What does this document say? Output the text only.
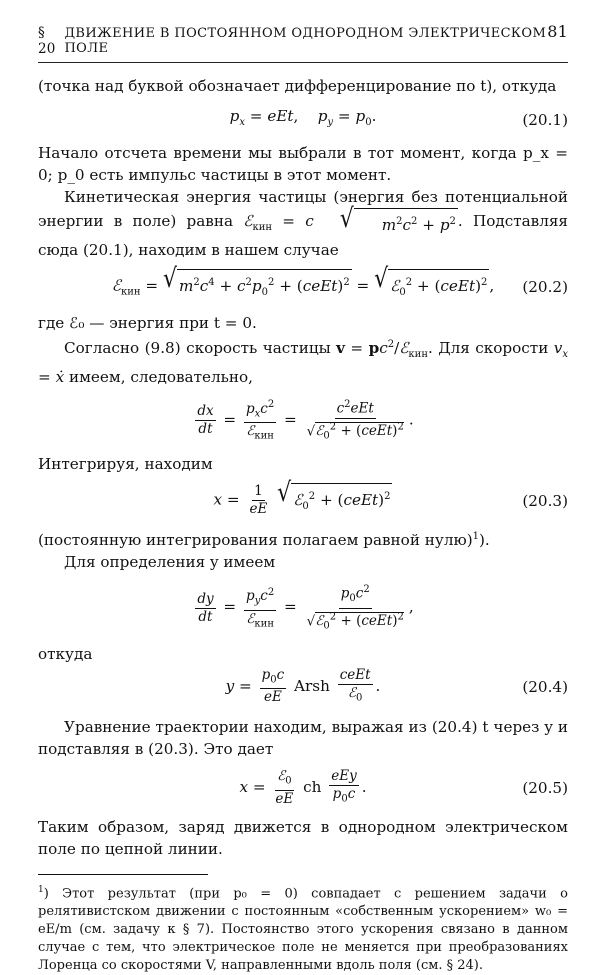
§ 20
ДВИЖЕНИЕ В ПОСТОЯННОМ ОДНОРОДНОМ ЭЛЕКТРИЧЕСКОМ ПОЛЕ
81

(точка над буквой обозначает дифференцирование по t), откуда

$p_x$ = eEt,    $p_y = p_0$.	(20.1)

Начало отсчета времени мы выбрали в тот момент, когда p_x = 0; p_0 есть импульс частицы в этот момент.

Кинетическая энергия частицы (энергия без потенциальной энергии в поле) равна ℰ$_{кин}$ = c	√	$m^2c^2 + p^2$ . Подставляя сюда (20.1), находим в нашем случае

ℰ$_{кин}$ = √ $m^2c^4 + c^2p_0^2$ + (ceEt)$^2$ = √ ℰ$_0^2$ + (ceEt)$^2$ , (20.2)

где ℰ₀ — энергия при t = 0.

Согласно (9.8) скорость частицы $v = pc^2/ℰ_{кин}$. Для скорости $v_x$ = ẋ имеем, следовательно,

$\frac{dx}{dt} = \frac{p_xc^2}{ℰ_{кин}} = \frac{c^2eEt}{√ℰ_0^2 + (ceEt)^2}$ .

Интегрируя, находим

$x = \frac{1}{eE}$
√ ℰ$_0^2$ + (ceEt)$^2$	(20.3)

(постоянную интегрирования полагаем равной нулю)$^1$).

Для определения y имеем

$\frac{dy}{dt} = \frac{p_yc^2}{ℰ_{кин}} = \frac{p_0c^2}{√ℰ_0^2 + (ceEt)^2}$ ,

откуда

$y = \frac{p_0c}{eE}$ Arsh $\frac{\text{ceEt}}{ℰ_0}$ .	(20.4)

Уравнение траектории находим, выражая из (20.4) t через y и подставляя в (20.3). Это дает

$x = \frac{ℰ_0}{eE}$ ch $\frac{\text{eEy}}{p_0c}$ .	(20.5)

Таким образом, заряд движется в однородном электрическом поле по цепной линии.

$^1$) Этот результат (при p₀ = 0) совпадает с решением задачи о релятивистском движении с постоянным «собственным ускорением» w₀ = eE/m (см. задачу к § 7). Постоянство этого ускорения связано в данном случае с тем, что электрическое поле не меняется при преобразованиях Лоренца со скоростями V, направленными вдоль поля (см. § 24).
